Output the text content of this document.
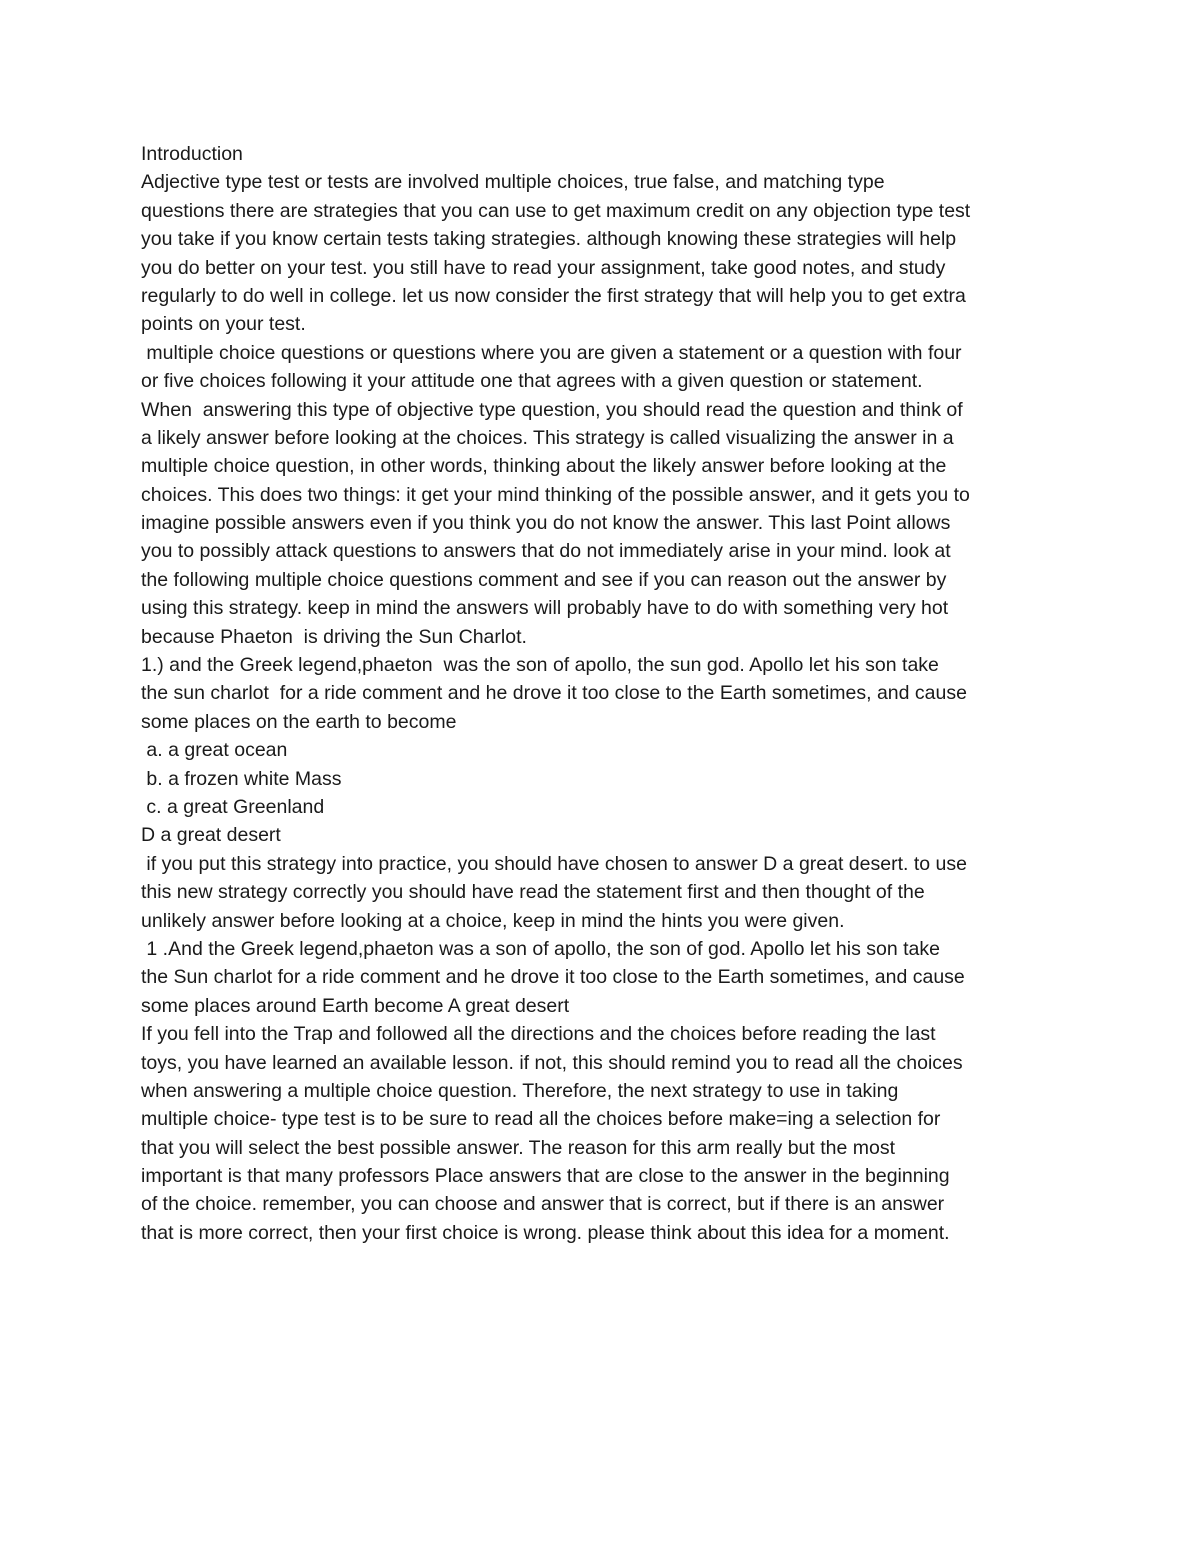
Introduction
Adjective type test or tests are involved multiple choices, true false, and matching type
questions there are strategies that you can use to get maximum credit on any objection type test
you take if you know certain tests taking strategies. although knowing these strategies will help
you do better on your test. you still have to read your assignment, take good notes, and study
regularly to do well in college. let us now consider the first strategy that will help you to get extra
points on your test.
multiple choice questions or questions where you are given a statement or a question with four
or five choices following it your attitude one that agrees with a given question or statement.
When  answering this type of objective type question, you should read the question and think of
a likely answer before looking at the choices. This strategy is called visualizing the answer in a
multiple choice question, in other words, thinking about the likely answer before looking at the
choices. This does two things: it get your mind thinking of the possible answer, and it gets you to
imagine possible answers even if you think you do not know the answer. This last Point allows
you to possibly attack questions to answers that do not immediately arise in your mind. look at
the following multiple choice questions comment and see if you can reason out the answer by
using this strategy. keep in mind the answers will probably have to do with something very hot
because Phaeton  is driving the Sun Charlot.
1.) and the Greek legend,phaeton  was the son of apollo, the sun god. Apollo let his son take
the sun charlot  for a ride comment and he drove it too close to the Earth sometimes, and cause
some places on the earth to become
a. a great ocean
b. a frozen white Mass
c. a great Greenland
D a great desert
if you put this strategy into practice, you should have chosen to answer D a great desert. to use
this new strategy correctly you should have read the statement first and then thought of the
unlikely answer before looking at a choice, keep in mind the hints you were given.
1 .And the Greek legend,phaeton was a son of apollo, the son of god. Apollo let his son take
the Sun charlot for a ride comment and he drove it too close to the Earth sometimes, and cause
some places around Earth become A great desert
If you fell into the Trap and followed all the directions and the choices before reading the last
toys, you have learned an available lesson. if not, this should remind you to read all the choices
when answering a multiple choice question. Therefore, the next strategy to use in taking
multiple choice- type test is to be sure to read all the choices before make=ing a selection for
that you will select the best possible answer. The reason for this arm really but the most
important is that many professors Place answers that are close to the answer in the beginning
of the choice. remember, you can choose and answer that is correct, but if there is an answer
that is more correct, then your first choice is wrong. please think about this idea for a moment.
